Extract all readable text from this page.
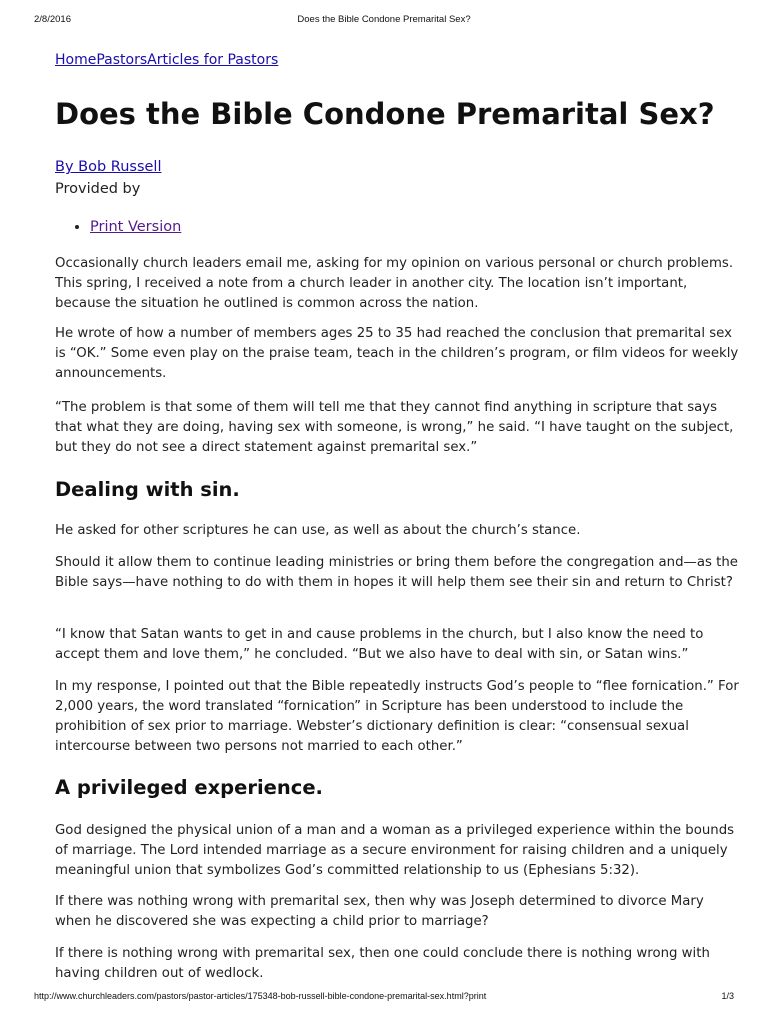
2/8/2016	Does the Bible Condone Premarital Sex?
HomePastorsArticles for Pastors
Does the Bible Condone Premarital Sex?
By Bob Russell
Provided by
• Print Version

Occasionally church leaders email me, asking for my opinion on various personal or church problems. This spring, I received a note from a church leader in another city. The location isn’t important, because the situation he outlined is common across the nation.

He wrote of how a number of members ages 25 to 35 had reached the conclusion that premarital sex is “OK.” Some even play on the praise team, teach in the children’s program, or film videos for weekly announcements.

“The problem is that some of them will tell me that they cannot find anything in scripture that says that what they are doing, having sex with someone, is wrong,” he said. “I have taught on the subject, but they do not see a direct statement against premarital sex.”

Dealing with sin.

He asked for other scriptures he can use, as well as about the church’s stance.

Should it allow them to continue leading ministries or bring them before the congregation and—as the Bible says—have nothing to do with them in hopes it will help them see their sin and return to Christ?

“I know that Satan wants to get in and cause problems in the church, but I also know the need to accept them and love them,” he concluded. “But we also have to deal with sin, or Satan wins.”

In my response, I pointed out that the Bible repeatedly instructs God’s people to “flee fornication.” For 2,000 years, the word translated “fornication” in Scripture has been understood to include the prohibition of sex prior to marriage. Webster’s dictionary definition is clear: “consensual sexual intercourse between two persons not married to each other.”

A privileged experience.

God designed the physical union of a man and a woman as a privileged experience within the bounds of marriage. The Lord intended marriage as a secure environment for raising children and a uniquely meaningful union that symbolizes God’s committed relationship to us (Ephesians 5:32).

If there was nothing wrong with premarital sex, then why was Joseph determined to divorce Mary when he discovered she was expecting a child prior to marriage?

If there is nothing wrong with premarital sex, then one could conclude there is nothing wrong with having children out of wedlock.

http://www.churchleaders.com/pastors/pastor-articles/175348-bob-russell-bible-condone-premarital-sex.html?print	1/3
